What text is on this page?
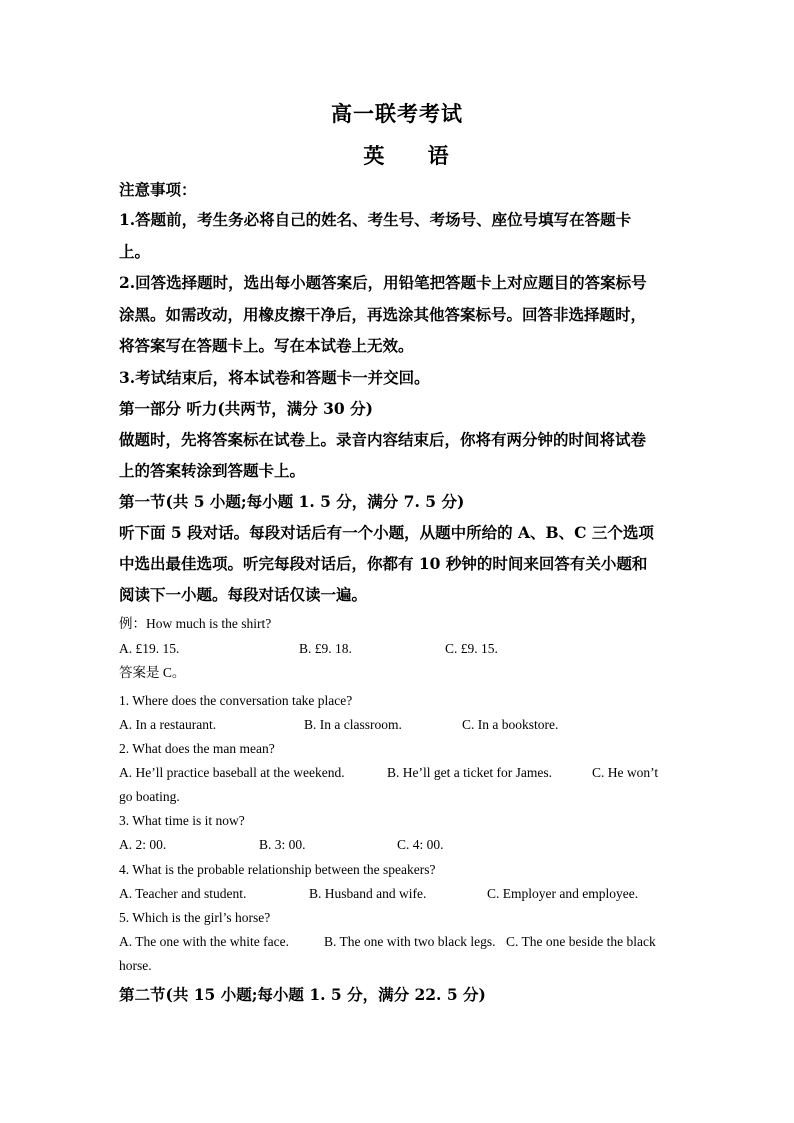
高一联考考试
英 语
注意事项：
1.答题前，考生务必将自己的姓名、考生号、考场号、座位号填写在答题卡
上。
2.回答选择题时，选出每小题答案后，用铅笔把答题卡上对应题目的答案标号
涂黑。如需改动，用橡皮擦干净后，再选涂其他答案标号。回答非选择题时，
将答案写在答题卡上。写在本试卷上无效。
3.考试结束后，将本试卷和答题卡一并交回。
第一部分 听力(共两节，满分 30 分)
做题时，先将答案标在试卷上。录音内容结束后，你将有两分钟的时间将试卷
上的答案转涂到答题卡上。
第一节(共 5 小题;每小题 1. 5 分，满分 7. 5 分)
听下面 5 段对话。每段对话后有一个小题，从题中所给的 A、B、C 三个选项
中选出最佳选项。听完每段对话后，你都有 10 秒钟的时间来回答有关小题和
阅读下一小题。每段对话仅读一遍。
例：How much is the shirt?
A. £19. 15.	B. £9. 18.	C. £9. 15.
答案是 C。
1. Where does the conversation take place?
A. In a restaurant.	B. In a classroom.	C. In a bookstore.
2. What does the man mean?
A. He’ll practice baseball at the weekend.	B. He’ll get a ticket for James.	C. He won’t
go boating.
3. What time is it now?
A. 2: 00.	B. 3: 00.	C. 4: 00.
4. What is the probable relationship between the speakers?
A. Teacher and student.	B. Husband and wife.	C. Employer and employee.
5. Which is the girl’s horse?
A. The one with the white face.	B. The one with two black legs. C. The one beside the black
horse.
第二节(共 15 小题;每小题 1. 5 分，满分 22. 5 分)
